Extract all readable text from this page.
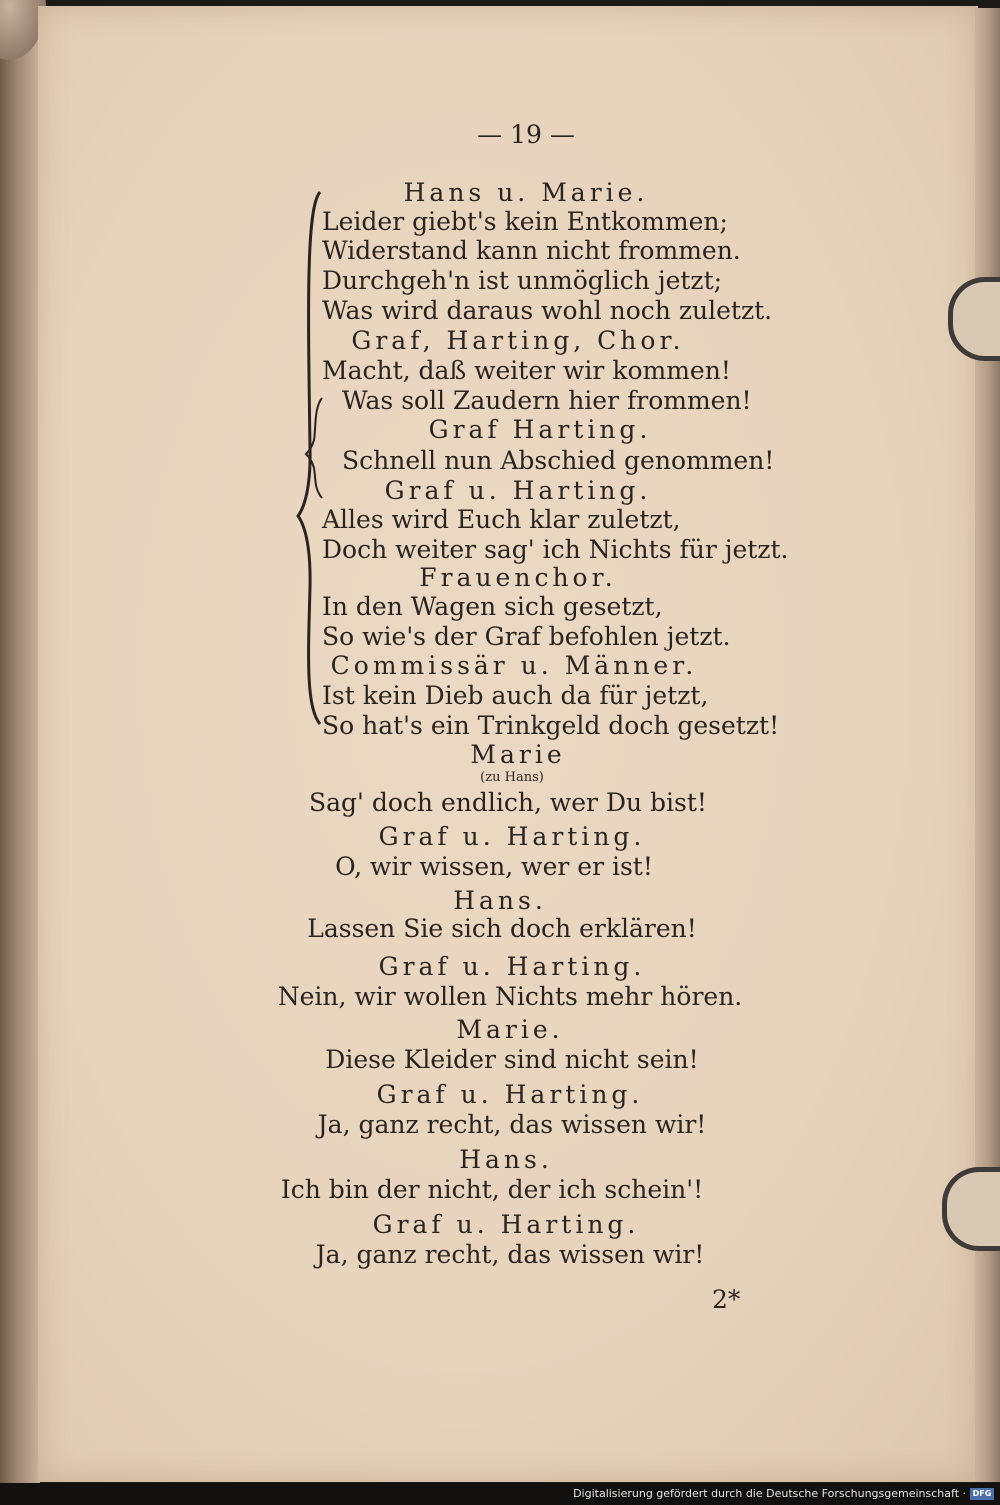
— 19 —
Hans u. Marie.
Leider giebt's kein Entkommen;
Widerstand kann nicht frommen.
Durchgeh'n ist unmöglich jetzt;
Was wird daraus wohl noch zuletzt.
Graf, Harting, Chor.
Macht, daß weiter wir kommen!
Was soll Zaudern hier frommen!
Graf Harting.
Schnell nun Abschied genommen!
Graf u. Harting.
Alles wird Euch klar zuletzt,
Doch weiter sag' ich Nichts für jetzt.
Frauenchor.
In den Wagen sich gesetzt,
So wie's der Graf befohlen jetzt.
Commissär u. Männer.
Ist kein Dieb auch da für jetzt,
So hat's ein Trinkgeld doch gesetzt!
Marie
(zu Hans)
Sag' doch endlich, wer Du bist!
Graf u. Harting.
O, wir wissen, wer er ist!
Hans.
Lassen Sie sich doch erklären!
Graf u. Harting.
Nein, wir wollen Nichts mehr hören.
Marie.
Diese Kleider sind nicht sein!
Graf u. Harting.
Ja, ganz recht, das wissen wir!
Hans.
Ich bin der nicht, der ich schein'!
Graf u. Harting.
Ja, ganz recht, das wissen wir!
2*
Digitalisierung gefördert durch die Deutsche Forschungsgemeinschaft · DFG
